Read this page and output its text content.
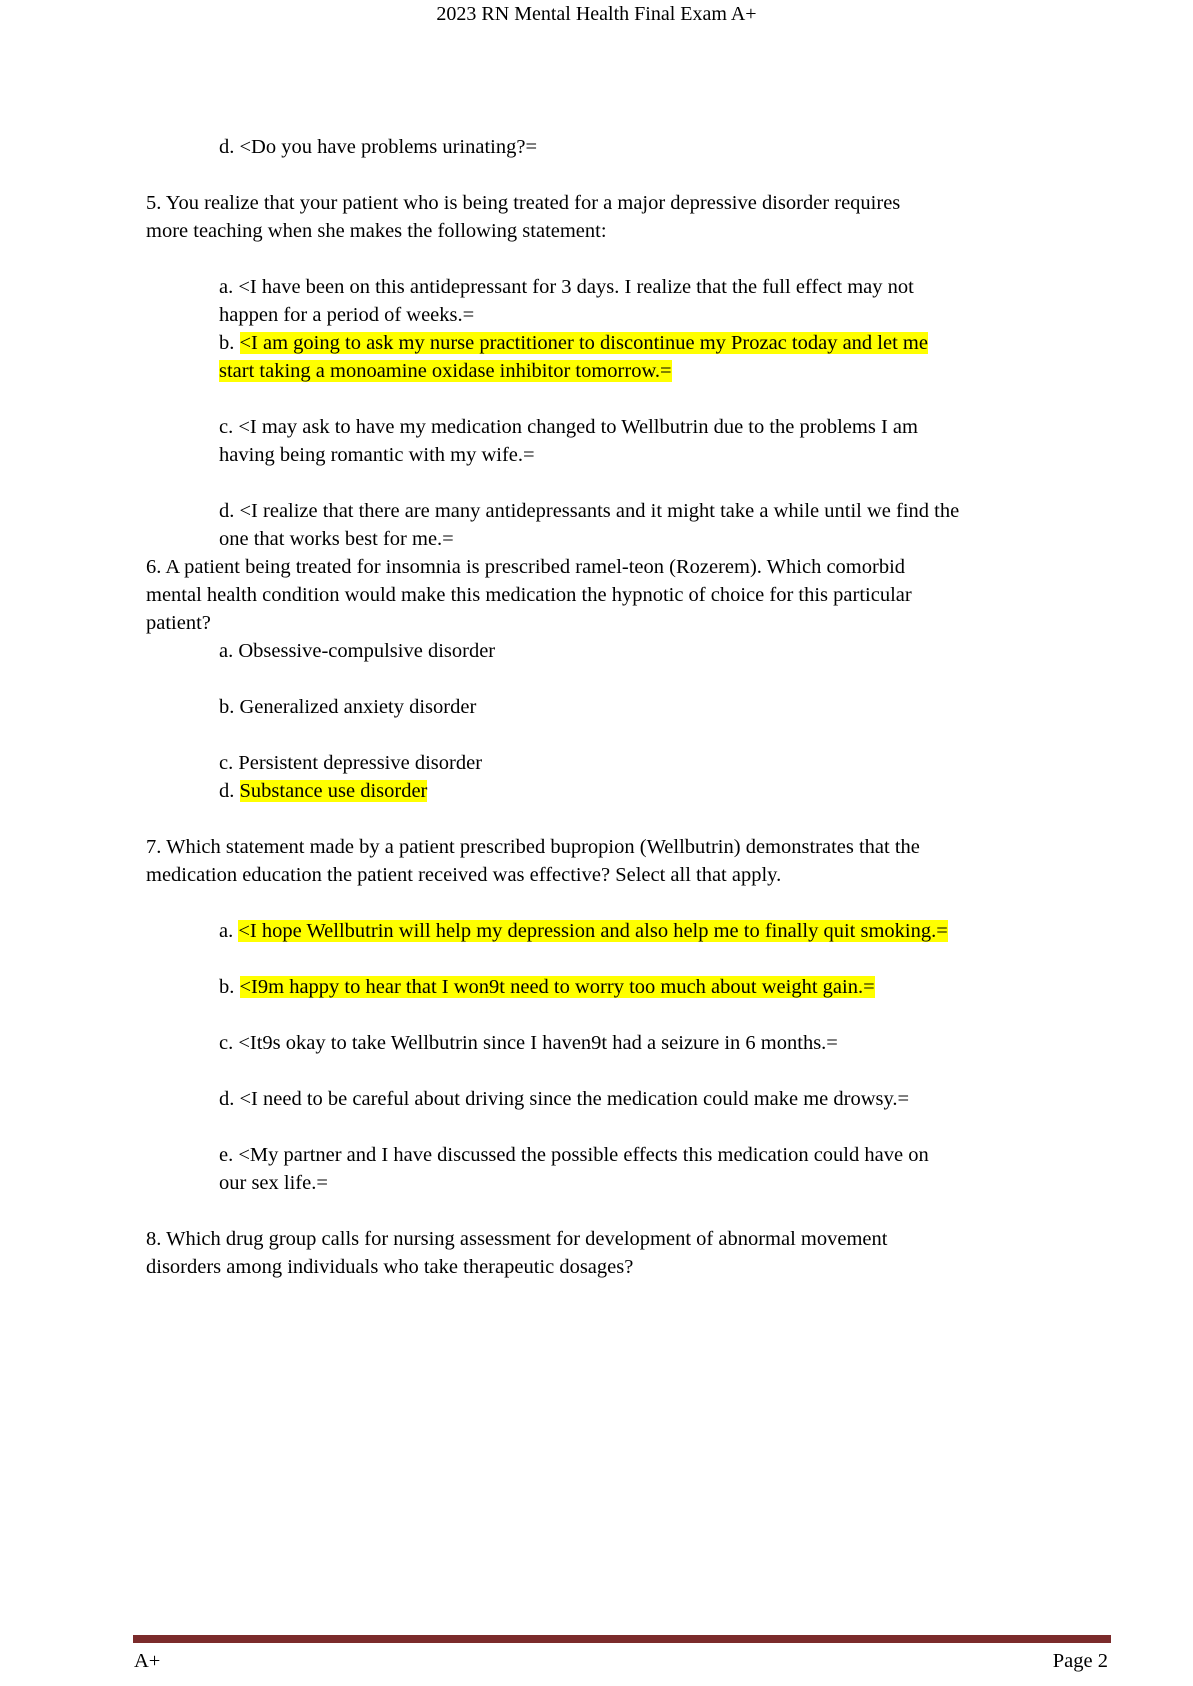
2023 RN Mental Health Final Exam A+

d. <Do you have problems urinating?=

5. You realize that your patient who is being treated for a major depressive disorder requires

more teaching when she makes the following statement:

a. <I have been on this antidepressant for 3 days. I realize that the full effect may not

happen for a period of weeks.=

b. <I am going to ask my nurse practitioner to discontinue my Prozac today and let me

start taking a monoamine oxidase inhibitor tomorrow.=

c. <I may ask to have my medication changed to Wellbutrin due to the problems I am

having being romantic with my wife.=

d. <I realize that there are many antidepressants and it might take a while until we find the

one that works best for me.=

6. A patient being treated for insomnia is prescribed ramel-teon (Rozerem). Which comorbid

mental health condition would make this medication the hypnotic of choice for this particular

patient?

a. Obsessive-compulsive disorder

b. Generalized anxiety disorder

c. Persistent depressive disorder

d. Substance use disorder

7. Which statement made by a patient prescribed bupropion (Wellbutrin) demonstrates that the

medication education the patient received was effective? Select all that apply.

a. <I hope Wellbutrin will help my depression and also help me to finally quit smoking.=

b. <I9m happy to hear that I won9t need to worry too much about weight gain.=

c. <It9s okay to take Wellbutrin since I haven9t had a seizure in 6 months.=

d. <I need to be careful about driving since the medication could make me drowsy.=

e. <My partner and I have discussed the possible effects this medication could have on

our sex life.=

8. Which drug group calls for nursing assessment for development of abnormal movement

disorders among individuals who take therapeutic dosages?

A+	Page 2
